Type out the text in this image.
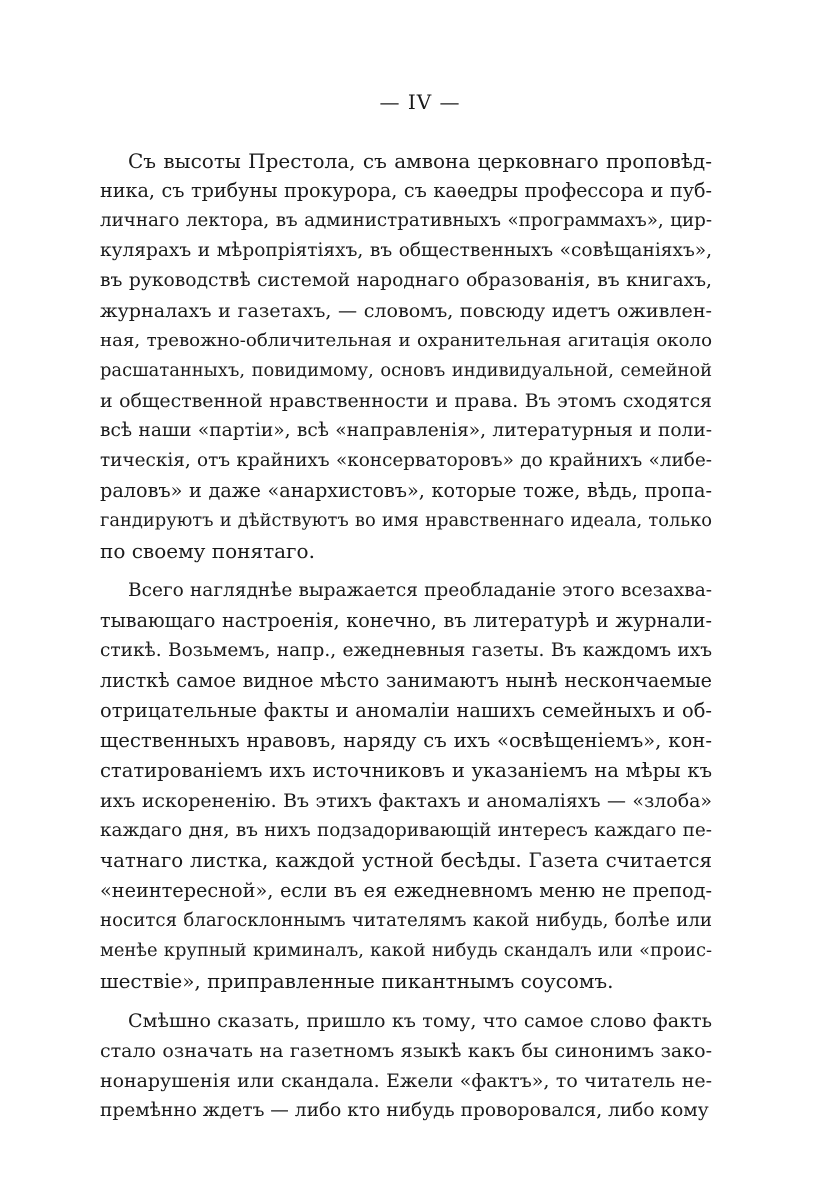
— IV —
Съ высоты Престола, съ амвона церковнаго проповѣд-
ника, съ трибуны прокурора, съ каѳедры профессора и пуб-
личнаго лектора, въ административныхъ «программахъ», цир-
кулярахъ и мѣропріятіяхъ, въ общественныхъ «совѣщаніяхъ»,
въ руководствѣ системой народнаго образованія, въ книгахъ,
журналахъ и газетахъ, — словомъ, повсюду идетъ оживлен-
ная, тревожно-обличительная и охранительная агитація около
расшатанныхъ, повидимому, основъ индивидуальной, семейной
и общественной нравственности и права. Въ этомъ сходятся
всѣ наши «партіи», всѣ «направленія», литературныя и поли-
тическія, отъ крайнихъ «консерваторовъ» до крайнихъ «либе-
раловъ» и даже «анархистовъ», которые тоже, вѣдь, пропа-
гандируютъ и дѣйствуютъ во имя нравственнаго идеала, только
по своему понятаго.
Всего нагляднѣе выражается преобладаніе этого всезахва-
тывающаго настроенія, конечно, въ литературѣ и журнали-
стикѣ. Возьмемъ, напр., ежедневныя газеты. Въ каждомъ ихъ
листкѣ самое видное мѣсто занимаютъ нынѣ нескончаемые
отрицательные факты и аномаліи нашихъ семейныхъ и об-
щественныхъ нравовъ, наряду съ ихъ «освѣщеніемъ», кон-
статированіемъ ихъ источниковъ и указаніемъ на мѣры къ
ихъ искорененію. Въ этихъ фактахъ и аномаліяхъ — «злоба»
каждаго дня, въ нихъ подзадоривающій интересъ каждаго пе-
чатнаго листка, каждой устной бесѣды. Газета считается
«неинтересной», если въ ея ежедневномъ меню не препод-
носится благосклоннымъ читателямъ какой нибудь, болѣе или
менѣе крупный криминалъ, какой нибудь скандалъ или «проис-
шествіе», приправленные пикантнымъ соусомъ.
Смѣшно сказать, пришло къ тому, что самое слово факть
стало означать на газетномъ языкѣ какъ бы синонимъ зако-
нонарушенія или скандала. Ежели «фактъ», то читатель не-
премѣнно ждетъ — либо кто нибудь проворовался, либо кому
